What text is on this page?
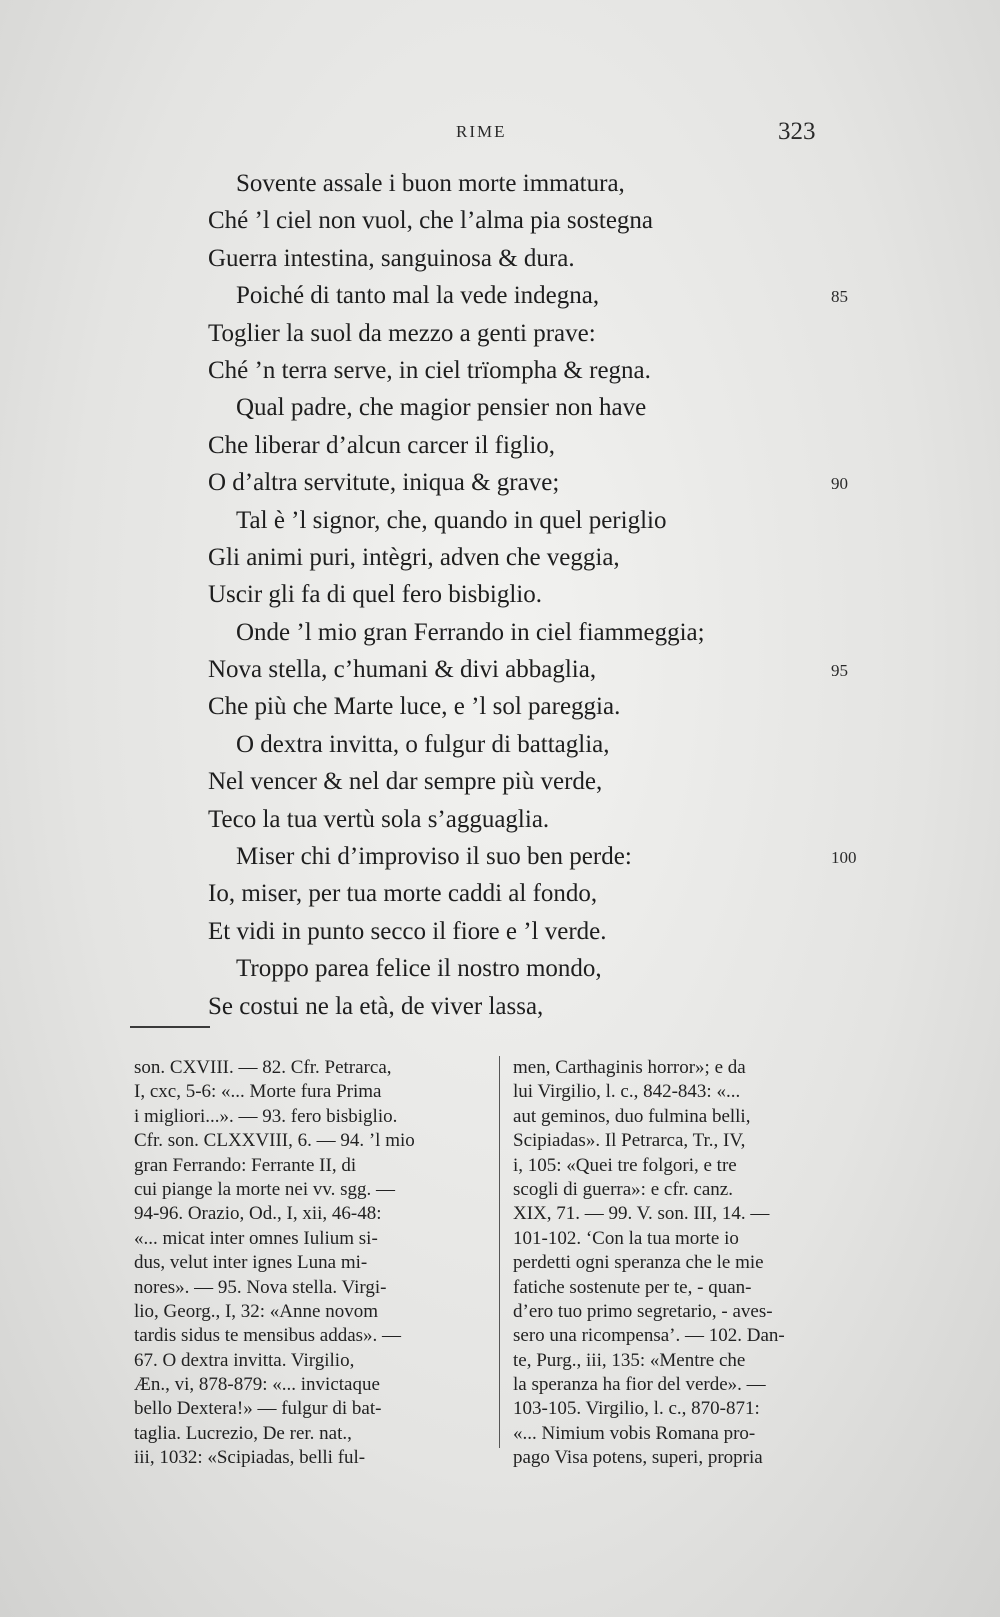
RIME	323
Sovente assale i buon morte immatura,
Ché ’l ciel non vuol, che l’alma pia sostegna
Guerra intestina, sanguinosa & dura.
Poiché di tanto mal la vede indegna,	85
Toglier la suol da mezzo a genti prave:
Ché ’n terra serve, in ciel trïompha & regna.
Qual padre, che magior pensier non have
Che liberar d’alcun carcer il figlio,
O d’altra servitute, iniqua & grave;	90
Tal è ’l signor, che, quando in quel periglio
Gli animi puri, intègri, adven che veggia,
Uscir gli fa di quel fero bisbiglio.
Onde ’l mio gran Ferrando in ciel fiammeggia;
Nova stella, c’humani & divi abbaglia,	95
Che più che Marte luce, e ’l sol pareggia.
O dextra invitta, o fulgur di battaglia,
Nel vencer & nel dar sempre più verde,
Teco la tua vertù sola s’agguaglia.
Miser chi d’improviso il suo ben perde:	100
Io, miser, per tua morte caddi al fondo,
Et vidi in punto secco il fiore e ’l verde.
Troppo parea felice il nostro mondo,
Se costui ne la età, de viver lassa,
son. CXVIII. — 82. Cfr. Petrarca,
I, cxc, 5-6: «... Morte fura Prima
i migliori...». — 93. fero bisbiglio.
Cfr. son. CLXXVIII, 6. — 94. ’l mio
gran Ferrando: Ferrante II, di
cui piange la morte nei vv. sgg. —
94-96. Orazio, Od., I, xii, 46-48:
«... micat inter omnes Iulium si-
dus, velut inter ignes Luna mi-
nores». — 95. Nova stella. Virgi-
lio, Georg., I, 32: «Anne novom
tardis sidus te mensibus addas». —
67. O dextra invitta. Virgilio,
Æn., vi, 878-879: «... invictaque
bello Dextera!» — fulgur di bat-
taglia. Lucrezio, De rer. nat.,
iii, 1032: «Scipiadas, belli ful-
men, Carthaginis horror»; e da
lui Virgilio, l. c., 842-843: «...
aut geminos, duo fulmina belli,
Scipiadas». Il Petrarca, Tr., IV,
i, 105: «Quei tre folgori, e tre
scogli di guerra»: e cfr. canz.
XIX, 71. — 99. V. son. III, 14. —
101-102. ‘Con la tua morte io
perdetti ogni speranza che le mie
fatiche sostenute per te, - quan-
d’ero tuo primo segretario, - aves-
sero una ricompensa’. — 102. Dan-
te, Purg., iii, 135: «Mentre che
la speranza ha fior del verde». —
103-105. Virgilio, l. c., 870-871:
«... Nimium vobis Romana pro-
pago Visa potens, superi, propria
